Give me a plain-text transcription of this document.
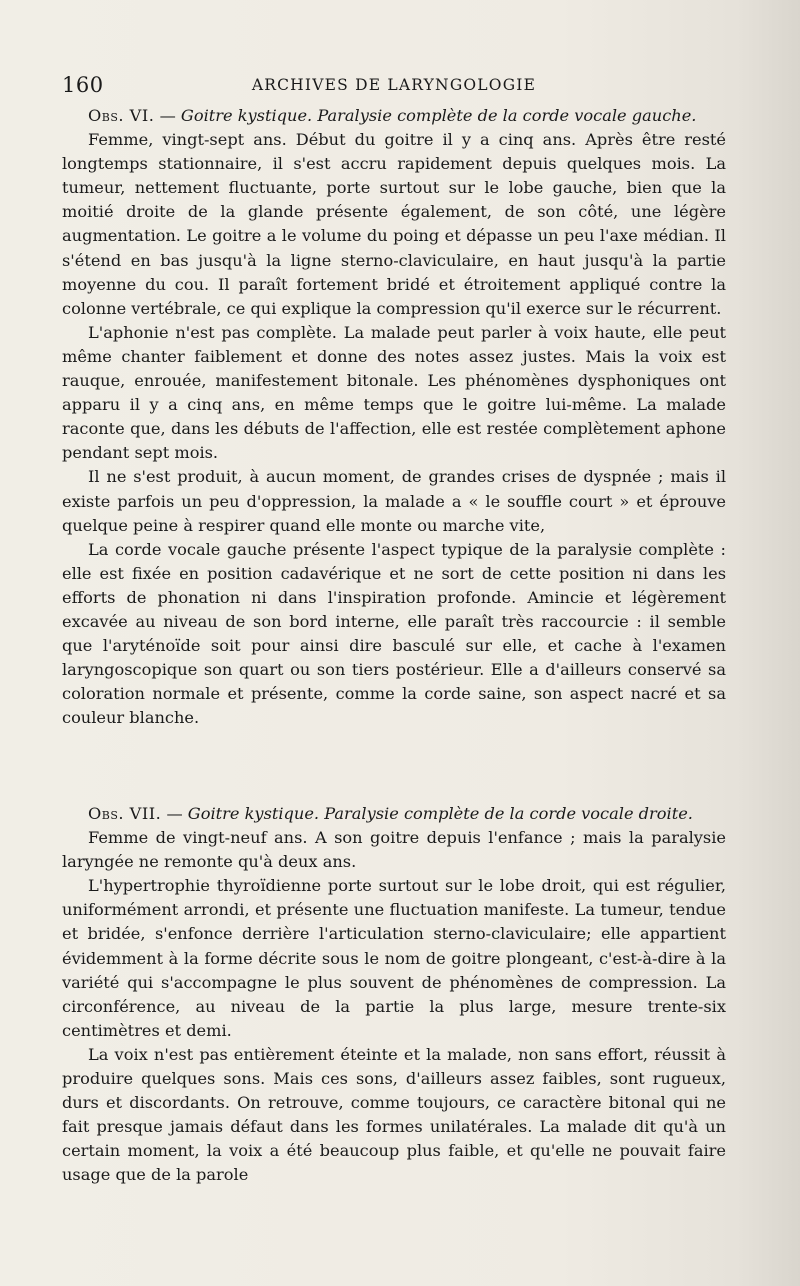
160	ARCHIVES DE LARYNGOLOGIE

Obs. VI. — Goitre kystique. Paralysie complète de la corde vocale gauche.

Femme, vingt-sept ans. Début du goitre il y a cinq ans. Après être resté longtemps stationnaire, il s'est accru rapidement depuis quelques mois. La tumeur, nettement fluctuante, porte surtout sur le lobe gauche, bien que la moitié droite de la glande présente également, de son côté, une légère augmentation. Le goitre a le volume du poing et dépasse un peu l'axe médian. Il s'étend en bas jusqu'à la ligne sterno-claviculaire, en haut jusqu'à la partie moyenne du cou. Il paraît fortement bridé et étroitement appliqué contre la colonne vertébrale, ce qui explique la compression qu'il exerce sur le récurrent.

L'aphonie n'est pas complète. La malade peut parler à voix haute, elle peut même chanter faiblement et donne des notes assez justes. Mais la voix est rauque, enrouée, manifestement bitonale. Les phénomènes dysphoniques ont apparu il y a cinq ans, en même temps que le goitre lui-même. La malade raconte que, dans les débuts de l'affection, elle est restée complètement aphone pendant sept mois.

Il ne s'est produit, à aucun moment, de grandes crises de dyspnée ; mais il existe parfois un peu d'oppression, la malade a « le souffle court » et éprouve quelque peine à respirer quand elle monte ou marche vite,

La corde vocale gauche présente l'aspect typique de la paralysie complète : elle est fixée en position cadavérique et ne sort de cette position ni dans les efforts de phonation ni dans l'inspiration profonde. Amincie et légèrement excavée au niveau de son bord interne, elle paraît très raccourcie : il semble que l'aryténoïde soit pour ainsi dire basculé sur elle, et cache à l'examen laryngoscopique son quart ou son tiers postérieur. Elle a d'ailleurs conservé sa coloration normale et présente, comme la corde saine, son aspect nacré et sa couleur blanche.

Obs. VII. — Goitre kystique. Paralysie complète de la corde vocale droite.

Femme de vingt-neuf ans. A son goitre depuis l'enfance ; mais la paralysie laryngée ne remonte qu'à deux ans.

L'hypertrophie thyroïdienne porte surtout sur le lobe droit, qui est régulier, uniformément arrondi, et présente une fluctuation manifeste. La tumeur, tendue et bridée, s'enfonce derrière l'articulation sterno-claviculaire; elle appartient évidemment à la forme décrite sous le nom de goitre plongeant, c'est-à-dire à la variété qui s'accompagne le plus souvent de phénomènes de compression. La circonférence, au niveau de la partie la plus large, mesure trente-six centimètres et demi.

La voix n'est pas entièrement éteinte et la malade, non sans effort, réussit à produire quelques sons. Mais ces sons, d'ailleurs assez faibles, sont rugueux, durs et discordants. On retrouve, comme toujours, ce caractère bitonal qui ne fait presque jamais défaut dans les formes unilatérales. La malade dit qu'à un certain moment, la voix a été beaucoup plus faible, et qu'elle ne pouvait faire usage que de la parole
